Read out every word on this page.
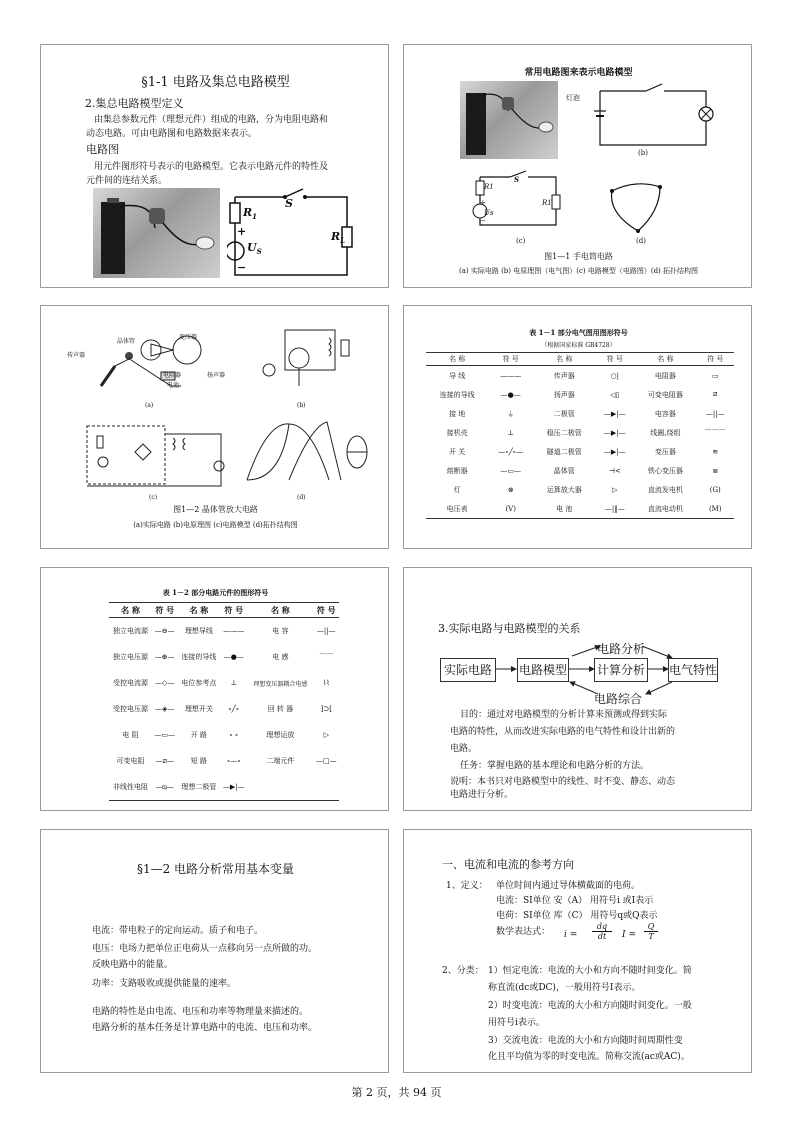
§1-1 电路及集总电路模型
2.集总电路模型定义
由集总参数元件（理想元件）组成的电路，分为电阻电路和
动态电路。可由电路图和电路数据来表示。
电路图
用元件图形符号表示的电路模型。它表示电路元件的特性及
元件间的连结关系。
S
$R_1$
$R_L$
$U_S$
+
−
常用电路图来表示电路模型
灯泡
(b)
S
R1
R1
Us
+
−
(c)	(d)
图1—1 手电筒电路
(a) 实际电路 (b) 电原理图（电气图）(c) 电路模型（电路图）(d) 拓扑结构图
传声器
晶体管
变压器
扬声器
电阻器
电池
(a)	(b)
(c)	(d)
图1—2 晶体管放大电路
(a)实际电路 (b)电原理图 (c)电路模型 (d)拓扑结构图
表 1－1 部分电气图用图形符号
（根据国家标准 GB4728）
名 称	符 号	名 称	符 号	名 称	符 号
导 线	———	传声器	○|	电阻器	▭
连接的导线	—●—	扬声器	◁▯	可变电阻器	⧄
接 地	⏚	二极管	—▶|—	电容器	—||—
接机壳	⊥	稳压二极管	—▶|—	线圈,绕组	⌒⌒⌒
开 关	—∘╱∘—	隧道二极管	—▶|—	变压器	≋
熔断器	—▭—	晶体管	⊣<	铁心变压器	≣
灯	⊗	运算放大器	▷	直流发电机	(G)
电压表	(V)	电 池	—|‖—	直流电动机	(M)
表 1－2 部分电路元件的图形符号
名 称	符 号	名 称	符 号	名 称	符 号
独立电流源	—⊖—	理想导线	———	电 容	—||—
独立电压源	—⊕—	连接的导线	—●—	电 感	⌒⌒
受控电流源	—◇—	电位参考点	⊥	理想变压器耦合电感	⌇⌇
受控电压源	—◈—	理想开关	∘╱∘	回 转 器	]⊃[
电 阻	—▭—	开 路	∘ ∘	理想运放	▷
可变电阻	—⧄—	短 路	∘—∘	二端元件	—□—
非线性电阻	—⧅—	理想二极管	—▶|—		
3.实际电路与电路模型的关系
实际电路	电路模型 计算分析 电气特性
电路分析
电路综合
目的：通过对电路模型的分析计算来预测或得到实际
电路的特性，从而改进实际电路的电气特性和设计出新的
电路。
任务：掌握电路的基本理论和电路分析的方法。
说明：本书只对电路模型中的线性、时不变、静态、动态
电路进行分析。
§1—2 电路分析常用基本变量
电流：带电粒子的定向运动。质子和电子。
电压：电场力把单位正电荷从一点移向另一点所做的功。
反映电路中的能量。
功率：支路吸收或提供能量的速率。
电路的特性是由电流、电压和功率等物理量来描述的。
电路分析的基本任务是计算电路中的电流、电压和功率。
一、电流和电流的参考方向
1、定义： 单位时间内通过导体横截面的电荷。
电流：SI单位 安（A） 用符号i 或I表示
电荷：SI单位 库（C） 用符号q或Q表示
数学表达式： i =
dq
dt	I =
Q
T
2、分类： 1）恒定电流：电流的大小和方向不随时间变化。简
称直流(dc或DC)，一般用符号I表示。
2）时变电流：电流的大小和方向随时间变化。一般
用符号i表示。
3）交流电流：电流的大小和方向随时间周期性变
化且平均值为零的时变电流。简称交流(ac或AC)。
第 2 页，共 94 页
